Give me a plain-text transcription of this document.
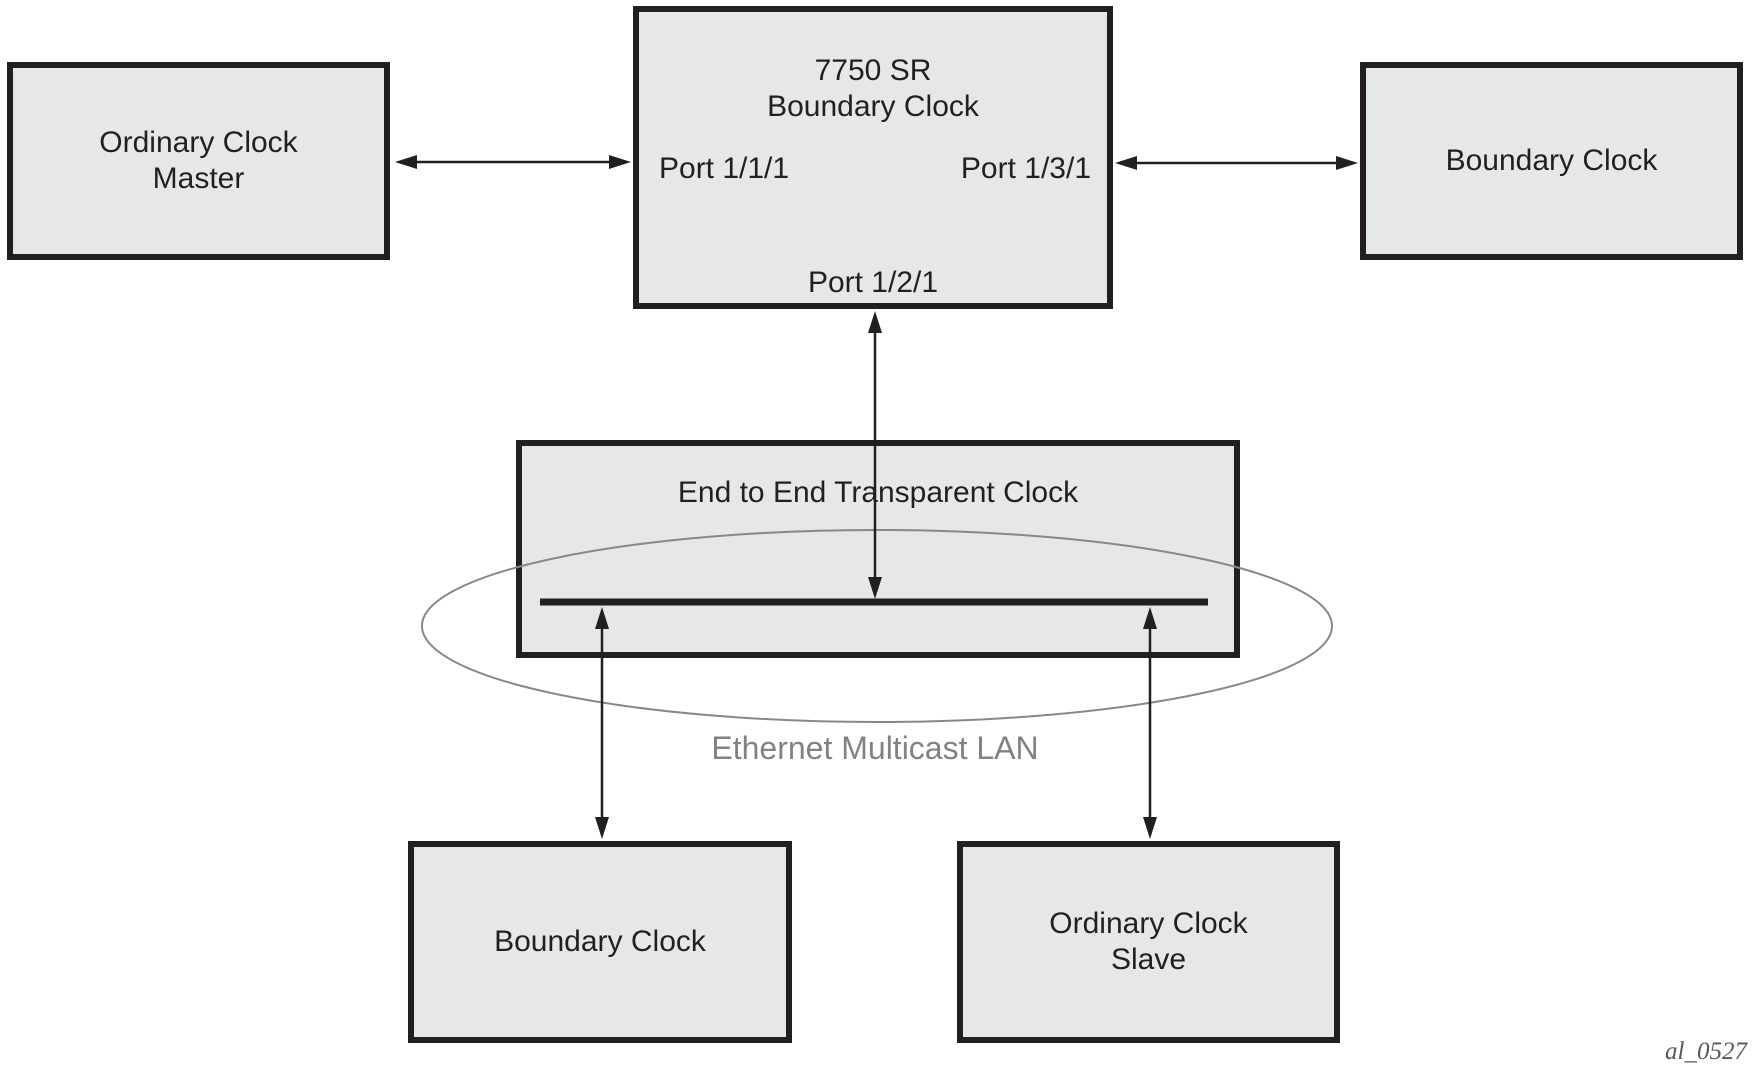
Ordinary Clock
Master
7750 SR
Boundary Clock
Port 1/1/1	Port 1/3/1
Port 1/2/1
Boundary Clock
End to End Transparent Clock
Boundary Clock
Ordinary Clock
Slave
Ethernet Multicast LAN
al_0527
